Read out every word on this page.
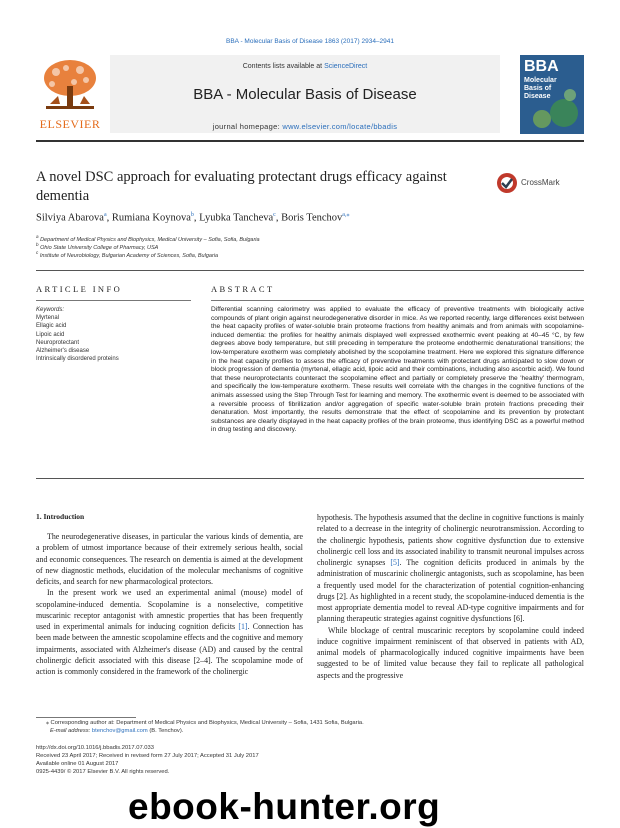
BBA - Molecular Basis of Disease 1863 (2017) 2934–2941
ELSEVIER
Contents lists available at ScienceDirect
BBA - Molecular Basis of Disease
journal homepage: www.elsevier.com/locate/bbadis
BBA
Molecular
Basis of
Disease
A novel DSC approach for evaluating protectant drugs efficacy against dementia
CrossMark
Silviya Abarova$^a$, Rumiana Koynova$^b$, Lyubka Tancheva$^c$, Boris Tenchov$^{a,⁎}$
$^a$ Department of Medical Physics and Biophysics, Medical University – Sofia, Sofia, Bulgaria
$^b$ Ohio State University College of Pharmacy, USA
$^c$ Institute of Neurobiology, Bulgarian Academy of Sciences, Sofia, Bulgaria
ARTICLE INFO	ABSTRACT
Keywords:
Myrtenal
Ellagic acid
Lipoic acid
Neuroprotectant
Alzheimer's disease
Intrinsically disordered proteins
Differential scanning calorimetry was applied to evaluate the efficacy of preventive treatments with biologically active compounds of plant origin against neurodegenerative disorder in mice. As we reported recently, large differences exist between the heat capacity profiles of water-soluble brain proteome fractions from healthy animals and from animals with scopolamine-induced dementia: the profiles for healthy animals displayed well expressed exothermic event peaking at 40–45 °C, by few degrees above body temperature, but still preceding in temperature the proteome endothermic denaturational transitions; the low-temperature exotherm was completely abolished by the scopolamine treatment. Here we explored this signature difference in the heat capacity profiles to assess the efficacy of preventive treatments with protectant drugs anticipated to slow down or block progression of dementia (myrtenal, ellagic acid, lipoic acid and their combinations, including also ascorbic acid). We found that these neuroprotectants counteract the scopolamine effect and partially or completely preserve the 'healthy' thermogram, and specifically the low-temperature exotherm. These results well correlate with the changes in the cognitive functions of the animals assessed using the Step Through Test for learning and memory. The exothermic event is deemed to be associated with a reversible process of fibrillization and/or aggregation of specific water-soluble brain protein fractions preceding their denaturation. Most importantly, the results demonstrate that the effect of scopolamine and its prevention by protectant substances are clearly displayed in the heat capacity profiles of the brain proteome, thus identifying DSC as a powerful method in drug testing and discovery.
1. Introduction

The neurodegenerative diseases, in particular the various kinds of dementia, are a problem of utmost importance because of their extremely serious health, social and economic consequences. The research on dementia is aimed at the development of new diagnostic methods, elucidation of the molecular mechanisms of cognitive deficits, and search for new pharmacological protectors.

In the present work we used an experimental animal (mouse) model of scopolamine-induced dementia. Scopolamine is a nonselective, competitive muscarinic receptor antagonist with amnestic properties that has been frequently used in experimental animals for inducing cognition deficits [1]. Connection has been made between the amnestic scopolamine effects and the cognitive and memory impairments, associated with Alzheimer's disease (AD) and caused by the central cholinergic deficit associated with this disease [2–4]. The scopolamine mode of action is commonly considered in the framework of the cholinergic

hypothesis. The hypothesis assumed that the decline in cognitive functions is mainly related to a decrease in the integrity of cholinergic neurotransmission. According to the cholinergic hypothesis, patients show cognitive dysfunction due to extensive cholinergic cell loss and its associated inability to transmit neuronal impulses across cholinergic synapses [5]. The cognition deficits produced in animals by the administration of muscarinic cholinergic antagonists, such as scopolamine, has been a frequently used model for the characterization of potential cognition-enhancing drugs [2]. As highlighted in a recent study, the scopolamine-induced dementia is the most appropriate dementia model to reveal AD-type cognitive impairments and for planning therapeutic strategies against cognitive dysfunctions [6].

While blockage of central muscarinic receptors by scopolamine could indeed induce cognitive impairment reminiscent of that observed in patients with AD, animal models of pharmacologically induced cognitive impairments have been suggested to be of limited value because they fail to replicate all pathological aspects and the progressive

⁎ Corresponding author at: Department of Medical Physics and Biophysics, Medical University – Sofia, 1431 Sofia, Bulgaria.
E-mail address: btenchov@gmail.com (B. Tenchov).
http://dx.doi.org/10.1016/j.bbadis.2017.07.033
Received 23 April 2017; Received in revised form 27 July 2017; Accepted 31 July 2017
Available online 01 August 2017
0925-4439/ © 2017 Elsevier B.V. All rights reserved.
ebook-hunter.org
